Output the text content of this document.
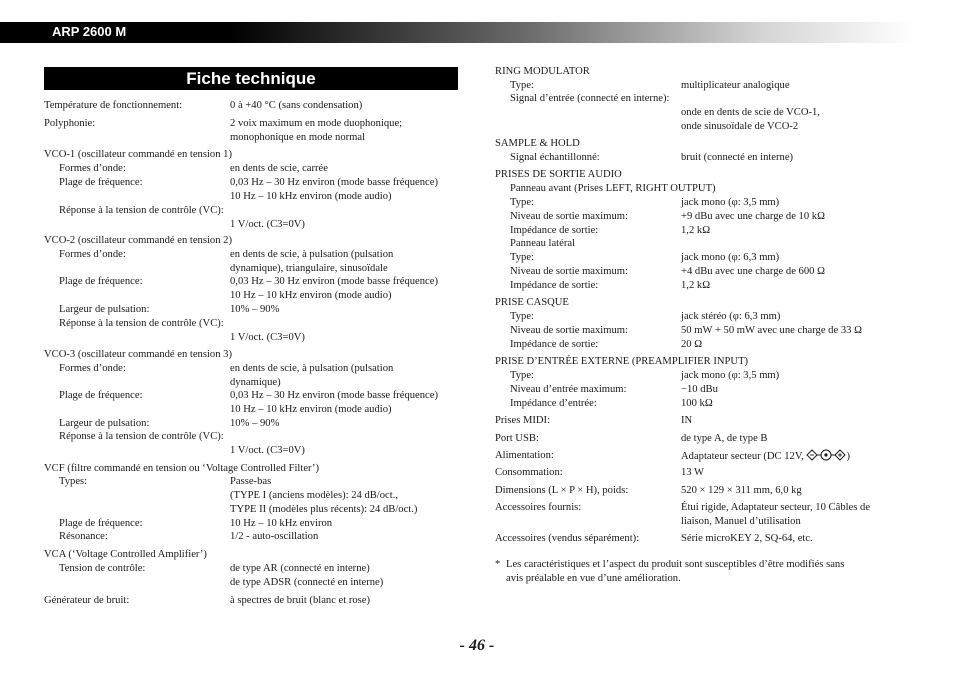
ARP 2600 M
Fiche technique
Température de fonctionnement:	0 à +40 °C (sans condensation)
Polyphonie:	2 voix maximum en mode duophonique;
monophonique en mode normal
VCO-1 (oscillateur commandé en tension 1)
Formes d’onde:	en dents de scie, carrée
Plage de fréquence:	0,03 Hz – 30 Hz environ (mode basse fréquence)
10 Hz – 10 kHz environ (mode audio)
Réponse à la tension de contrôle (VC):
1 V/oct. (C3=0V)
VCO-2 (oscillateur commandé en tension 2)
Formes d’onde:	en dents de scie, à pulsation (pulsation
dynamique), triangulaire, sinusoïdale
Plage de fréquence:	0,03 Hz – 30 Hz environ (mode basse fréquence)
10 Hz – 10 kHz environ (mode audio)
Largeur de pulsation:	10% – 90%
Réponse à la tension de contrôle (VC):
1 V/oct. (C3=0V)
VCO-3 (oscillateur commandé en tension 3)
Formes d’onde:	en dents de scie, à pulsation (pulsation
dynamique)
Plage de fréquence:	0,03 Hz – 30 Hz environ (mode basse fréquence)
10 Hz – 10 kHz environ (mode audio)
Largeur de pulsation:	10% – 90%
Réponse à la tension de contrôle (VC):
1 V/oct. (C3=0V)
VCF (filtre commandé en tension ou ‘Voltage Controlled Filter’)
Types:	Passe-bas
(TYPE I (anciens modèles): 24 dB/oct.,
TYPE II (modèles plus récents): 24 dB/oct.)
Plage de fréquence:	10 Hz – 10 kHz environ
Résonance:	1/2 - auto-oscillation
VCA (‘Voltage Controlled Amplifier’)
Tension de contrôle:	de type AR (connecté en interne)
de type ADSR (connecté en interne)
Générateur de bruit:	à spectres de bruit (blanc et rose)
RING MODULATOR
Type:	multiplicateur analogique
Signal d’entrée (connecté en interne):
onde en dents de scie de VCO-1,
onde sinusoïdale de VCO-2
SAMPLE & HOLD
Signal échantillonné:	bruit (connecté en interne)
PRISES DE SORTIE AUDIO
Panneau avant (Prises LEFT, RIGHT OUTPUT)
Type:	jack mono (φ: 3,5 mm)
Niveau de sortie maximum:	+9 dBu avec une charge de 10 kΩ
Impédance de sortie:	1,2 kΩ
Panneau latéral
Type:	jack mono (φ: 6,3 mm)
Niveau de sortie maximum:	+4 dBu avec une charge de 600 Ω
Impédance de sortie:	1,2 kΩ
PRISE CASQUE
Type:	jack stéréo (φ: 6,3 mm)
Niveau de sortie maximum:	50 mW + 50 mW avec une charge de 33 Ω
Impédance de sortie:	20 Ω
PRISE D’ENTRÉE EXTERNE (PREAMPLIFIER INPUT)
Type:	jack mono (φ: 3,5 mm)
Niveau d’entrée maximum:	−10 dBu
Impédance d’entrée:	100 kΩ
Prises MIDI:	IN
Port USB:	de type A, de type B
Alimentation:	Adaptateur secteur (DC 12V,	)
Consommation:	13 W
Dimensions (L × P × H), poids:	520 × 129 × 311 mm, 6,0 kg
Accessoires fournis:	Étui rigide, Adaptateur secteur, 10 Câbles de
liaison, Manuel d’utilisation
Accessoires (vendus séparément):	Série microKEY 2, SQ-64, etc.
* Les caractéristiques et l’aspect du produit sont susceptibles d’être modifiés sans
avis préalable en vue d’une amélioration.
- 46 -
